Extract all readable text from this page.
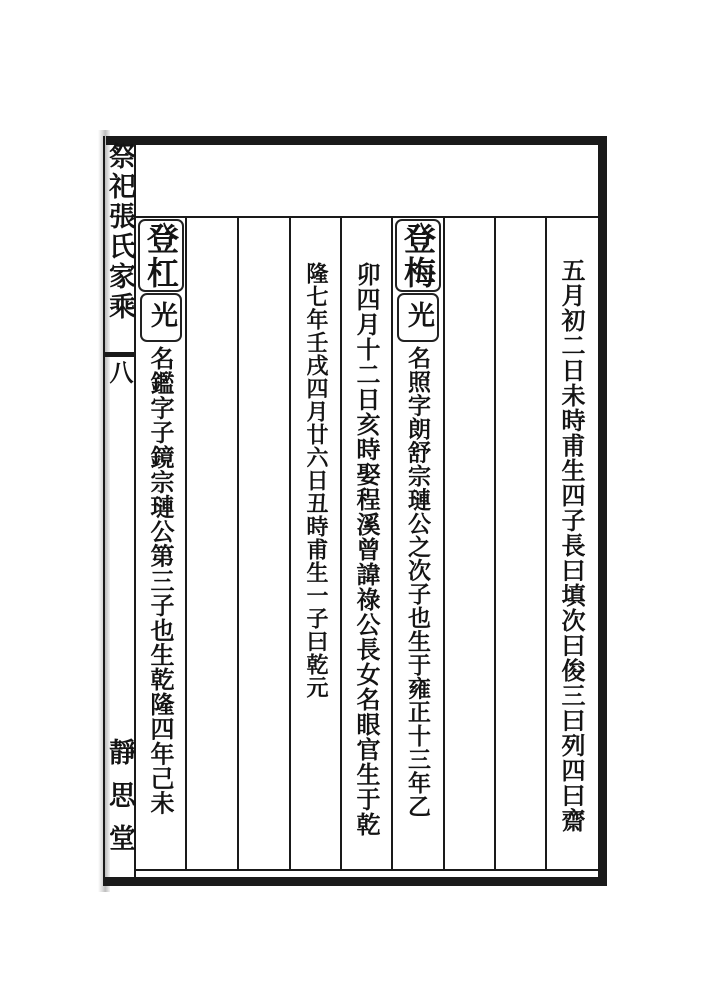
祭祀張氏家乘
八
靜思堂	五月初二日未時甫生四子長曰填次曰俊三曰列四曰齋
登梅
光
名照字朗舒宗璉公之次子也生于雍正十三年乙
卯四月十二日亥時娶程溪曾諱祿公長女名眼官生于乾
隆七年壬戌四月廿六日丑時甫生一子曰乾元
登杠
光
名鑑字子鏡宗璉公第三子也生乾隆四年己未
